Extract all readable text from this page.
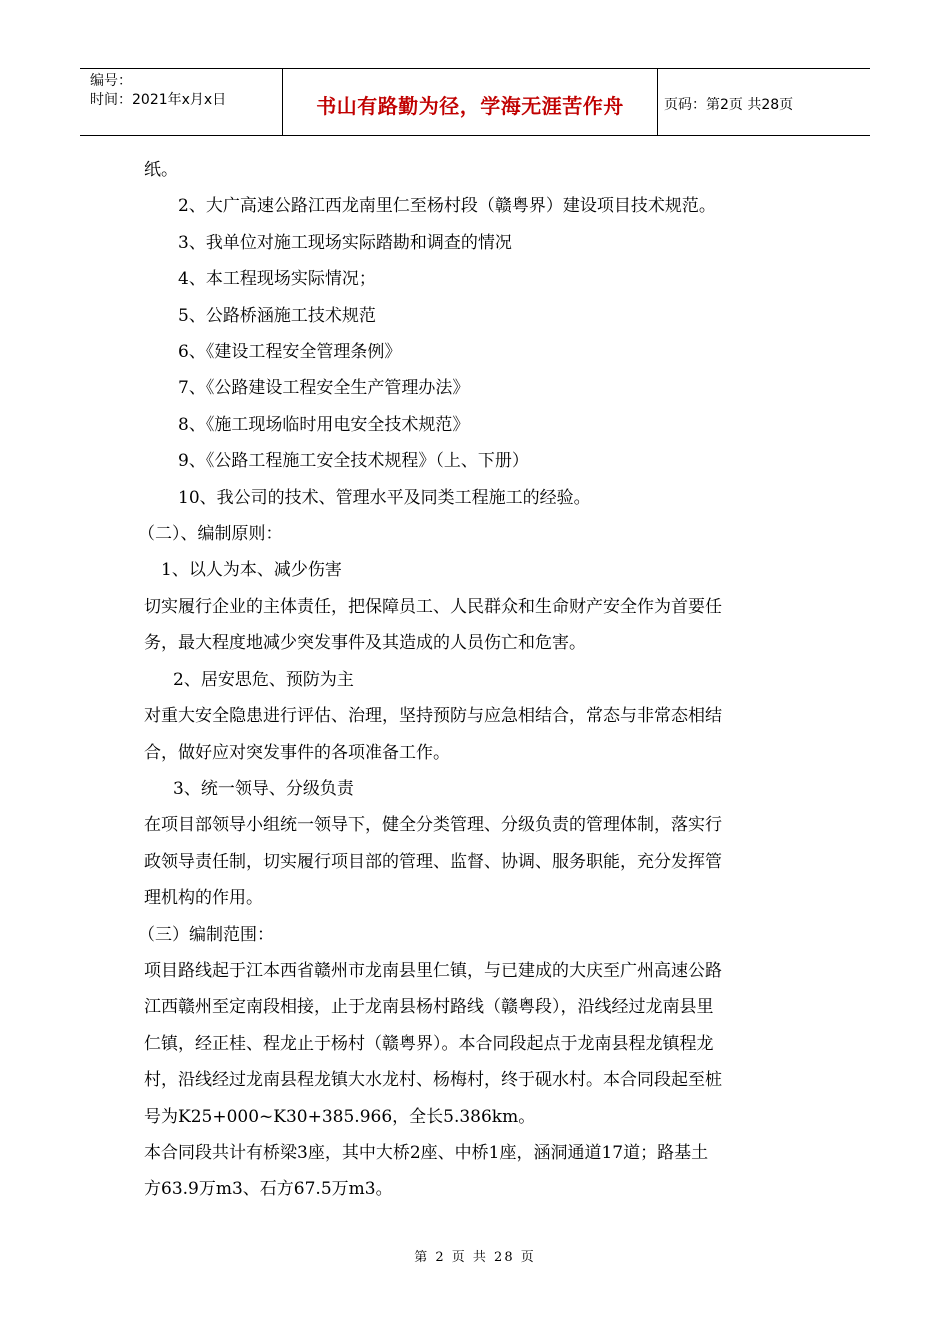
编号：
时间：2021年x月x日	书山有路勤为径，学海无涯苦作舟	页码：第2页 共28页

纸。

2、大广高速公路江西龙南里仁至杨村段（赣粤界）建设项目技术规范。

3、我单位对施工现场实际踏勘和调查的情况

4、本工程现场实际情况；

5、公路桥涵施工技术规范

6、《建设工程安全管理条例》

7、《公路建设工程安全生产管理办法》

8、《施工现场临时用电安全技术规范》

9、《公路工程施工安全技术规程》（上、下册）

10、我公司的技术、管理水平及同类工程施工的经验。

（二）、编制原则：

1、以人为本、减少伤害

切实履行企业的主体责任，把保障员工、人民群众和生命财产安全作为首要任

务，最大程度地减少突发事件及其造成的人员伤亡和危害。

2、居安思危、预防为主

对重大安全隐患进行评估、治理，坚持预防与应急相结合，常态与非常态相结

合，做好应对突发事件的各项准备工作。

3、统一领导、分级负责

在项目部领导小组统一领导下，健全分类管理、分级负责的管理体制，落实行

政领导责任制，切实履行项目部的管理、监督、协调、服务职能，充分发挥管

理机构的作用。

（三）编制范围：

项目路线起于江本西省赣州市龙南县里仁镇，与已建成的大庆至广州高速公路

江西赣州至定南段相接，止于龙南县杨村路线（赣粤段），沿线经过龙南县里

仁镇，经正桂、程龙止于杨村（赣粤界）。本合同段起点于龙南县程龙镇程龙

村，沿线经过龙南县程龙镇大水龙村、杨梅村，终于砚水村。本合同段起至桩

号为K25+000~K30+385.966，全长5.386km。

本合同段共计有桥梁3座，其中大桥2座、中桥1座，涵洞通道17道；路基土

方63.9万m3、石方67.5万m3。

第 2 页 共 28 页
